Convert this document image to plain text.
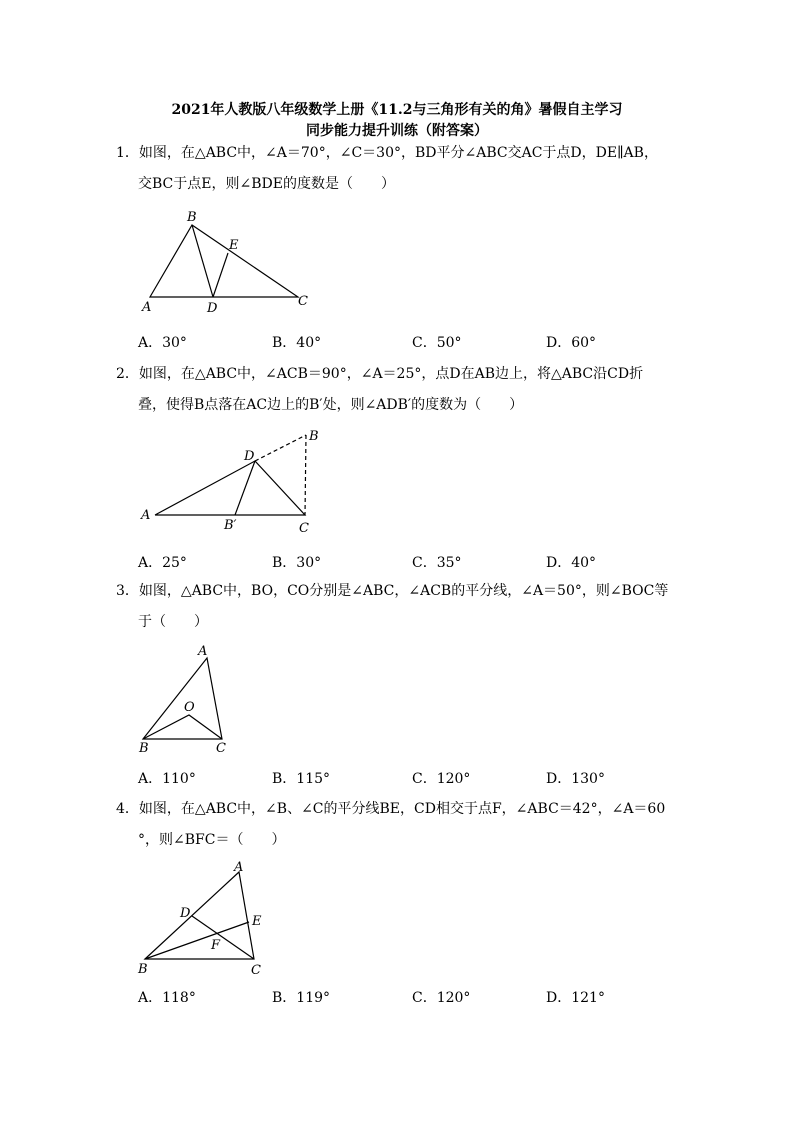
2021年人教版八年级数学上册《11.2与三角形有关的角》暑假自主学习
同步能力提升训练（附答案）
1．如图，在△ABC中，∠A＝70°，∠C＝30°，BD平分∠ABC交AC于点D，DE∥AB，
交BC于点E，则∠BDE的度数是（　　）
B
E
A	D	C
A．30°	B．40°	C．50°	D．60°
2．如图，在△ABC中，∠ACB＝90°，∠A＝25°，点D在AB边上，将△ABC沿CD折
叠，使得B点落在AC边上的B′处，则∠ADB′的度数为（　　）
B
D
A
B′	C
A．25°	B．30°	C．35°	D．40°
3．如图，△ABC中，BO，CO分别是∠ABC，∠ACB的平分线，∠A＝50°，则∠BOC等
于（　　）
A
O
B	C
A．110°	B．115°	C．120°	D．130°
4．如图，在△ABC中，∠B、∠C的平分线BE，CD相交于点F，∠ABC＝42°，∠A＝60
°，则∠BFC＝（　　）
A
D
E
F
B	C
A．118°	B．119°	C．120°	D．121°
